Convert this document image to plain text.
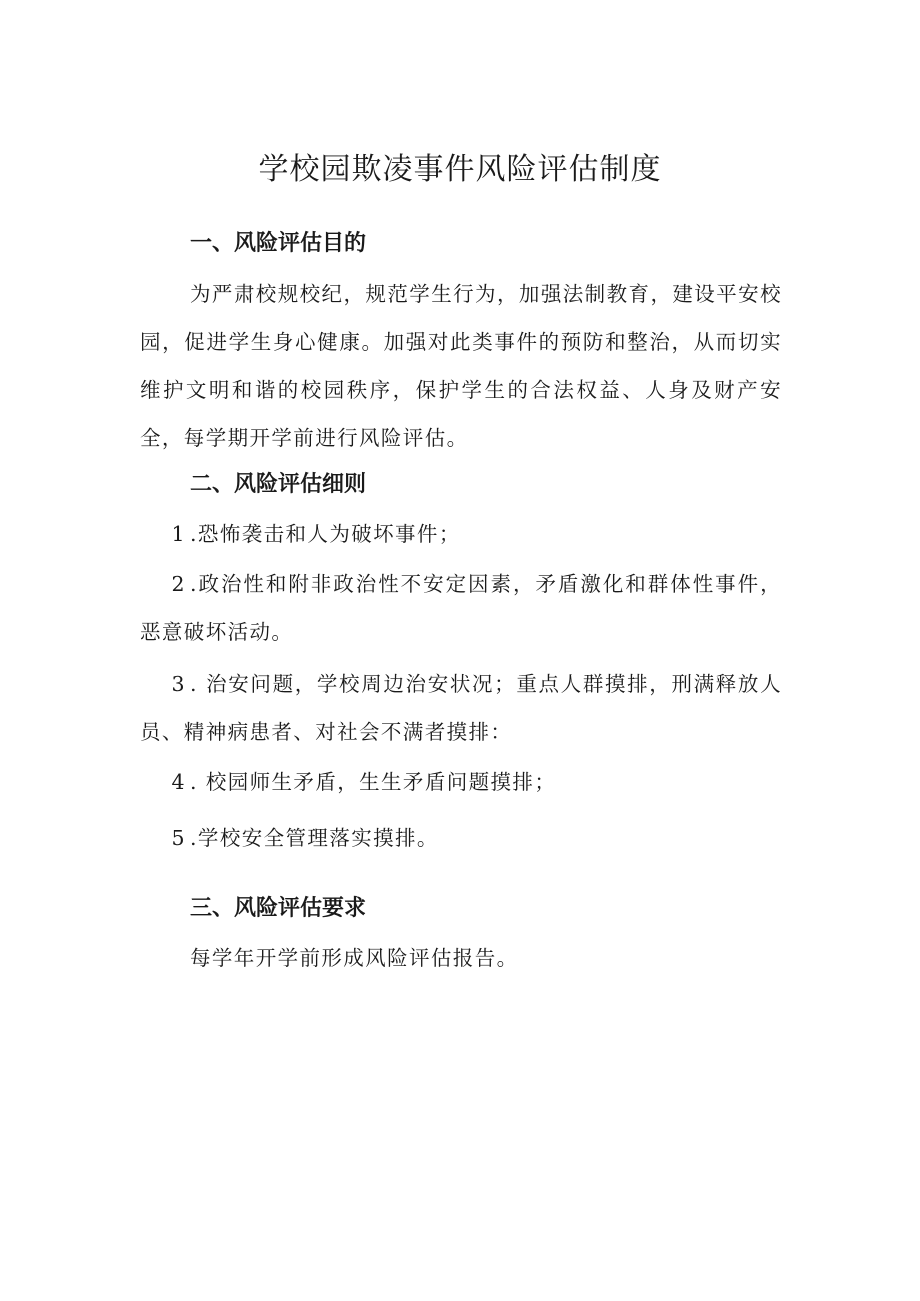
学校园欺凌事件风险评估制度
一、风险评估目的

为严肃校规校纪，规范学生行为，加强法制教育，建设平安校园，促进学生身心健康。加强对此类事件的预防和整治，从而切实维护文明和谐的校园秩序，保护学生的合法权益、人身及财产安全，每学期开学前进行风险评估。

二、风险评估细则

1 .恐怖袭击和人为破坏事件；

2 .政治性和附非政治性不安定因素，矛盾激化和群体性事件，恶意破坏活动。

3 . 治安问题，学校周边治安状况；重点人群摸排，刑满释放人员、精神病患者、对社会不满者摸排：

4 . 校园师生矛盾，生生矛盾问题摸排；

5 .学校安全管理落实摸排。

三、风险评估要求

每学年开学前形成风险评估报告。
